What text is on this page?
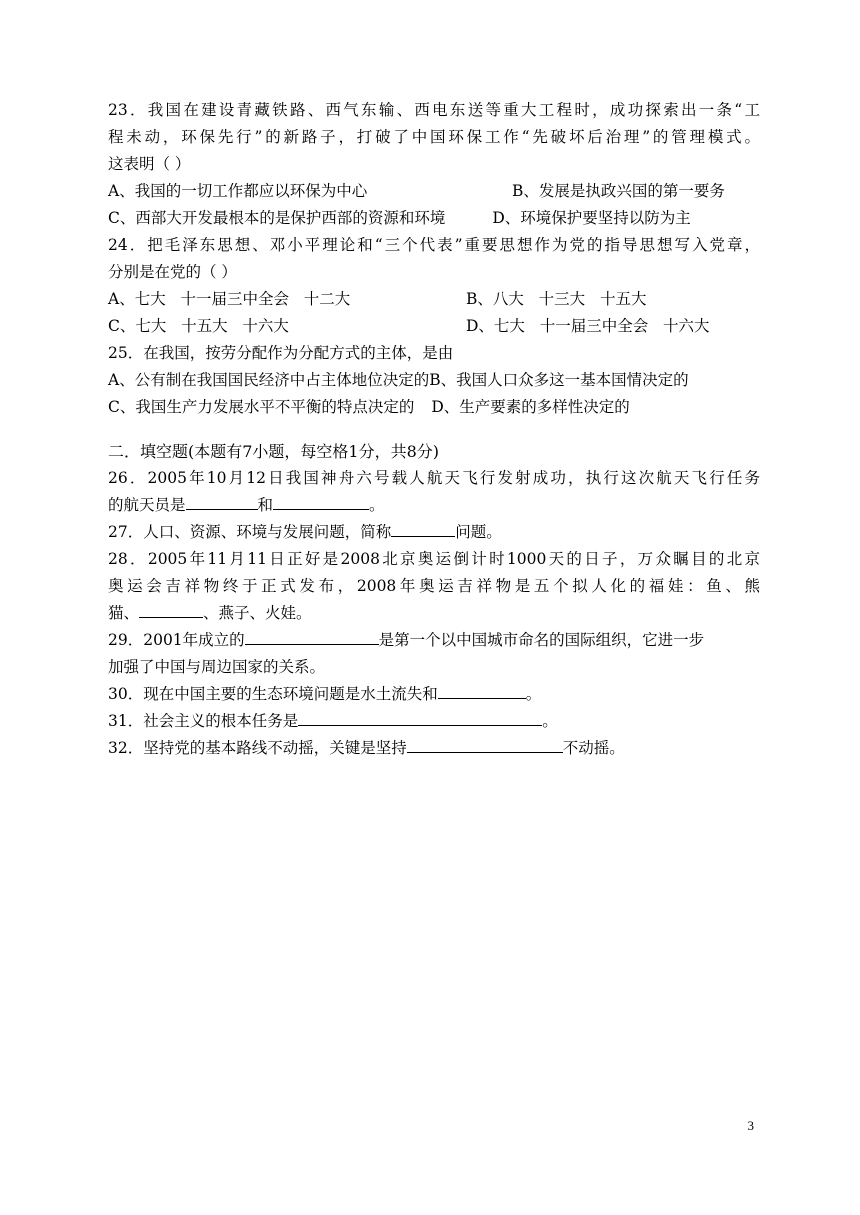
23．我国在建设青藏铁路、西气东输、西电东送等重大工程时，成功探索出一条“工
程未动，环保先行”的新路子，打破了中国环保工作“先破坏后治理”的管理模式。
这表明（ ）
A、我国的一切工作都应以环保为中心	B、发展是执政兴国的第一要务
C、西部大开发最根本的是保护西部的资源和环境	D、环境保护要坚持以防为主
24．把毛泽东思想、邓小平理论和“三个代表”重要思想作为党的指导思想写入党章，
分别是在党的（ ）
A、七大   十一届三中全会   十二大	B、八大   十三大   十五大
C、七大   十五大   十六大	D、七大   十一届三中全会   十六大
25．在我国，按劳分配作为分配方式的主体，是由
A、公有制在我国国民经济中占主体地位决定的B、我国人口众多这一基本国情决定的
C、我国生产力发展水平不平衡的特点决定的 D、生产要素的多样性决定的
二．填空题(本题有7小题，每空格1分，共8分)
26．2005年10月12日我国神舟六号载人航天飞行发射成功，执行这次航天飞行任务
的航天员是	和	。
27．人口、资源、环境与发展问题，简称	问题。
28．2005年11月11日正好是2008北京奥运倒计时1000天的日子，万众瞩目的北京
奥运会吉祥物终于正式发布，2008年奥运吉祥物是五个拟人化的福娃：鱼、熊
猫、	、燕子、火娃。
29．2001年成立的	是第一个以中国城市命名的国际组织，它进一步
加强了中国与周边国家的关系。
30．现在中国主要的生态环境问题是水土流失和	。
31．社会主义的根本任务是	。
32．坚持党的基本路线不动摇，关键是坚持	不动摇。
3
